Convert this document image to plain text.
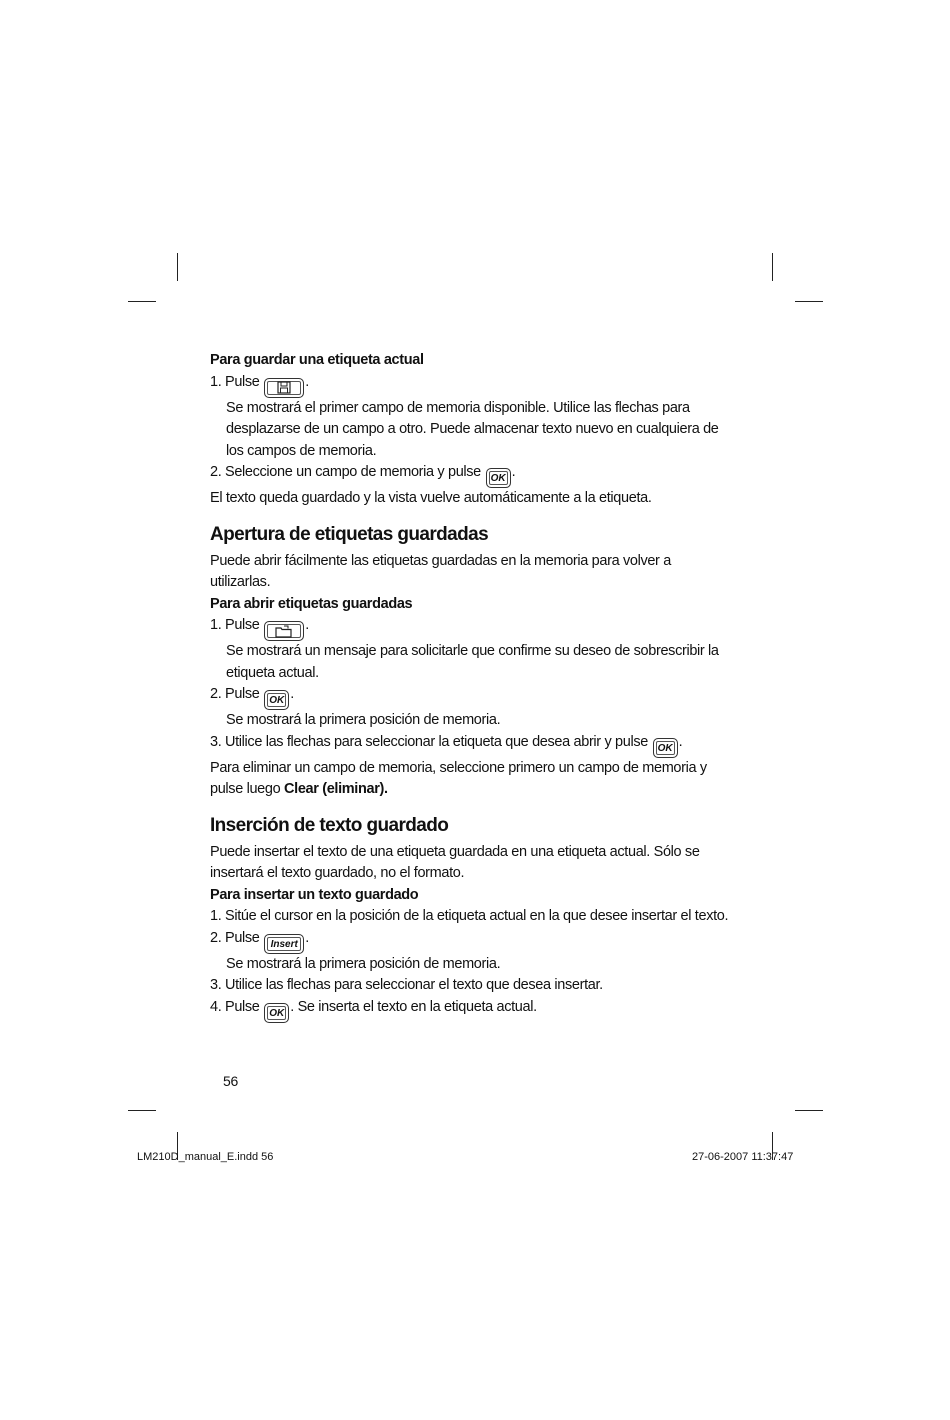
Para guardar una etiqueta actual

1. Pulse	.
Se mostrará el primer campo de memoria disponible. Utilice las flechas para desplazarse de un campo a otro. Puede almacenar texto nuevo en cualquiera de los campos de memoria.
2. Seleccione un campo de memoria y pulse OK .

El texto queda guardado y la vista vuelve automáticamente a la etiqueta.

Apertura de etiquetas guardadas

Puede abrir fácilmente las etiquetas guardadas en la memoria para volver a utilizarlas.

Para abrir etiquetas guardadas

1. Pulse	.
Se mostrará un mensaje para solicitarle que confirme su deseo de sobrescribir la etiqueta actual.
2. Pulse OK .
Se mostrará la primera posición de memoria.
3. Utilice las flechas para seleccionar la etiqueta que desea abrir y pulse OK .

Para eliminar un campo de memoria, seleccione primero un campo de memoria y pulse luego Clear (eliminar).

Inserción de texto guardado

Puede insertar el texto de una etiqueta guardada en una etiqueta actual. Sólo se insertará el texto guardado, no el formato.

Para insertar un texto guardado

1. Sitúe el cursor en la posición de la etiqueta actual en la que desee insertar el texto.
2. Pulse Insert .
Se mostrará la primera posición de memoria.
3. Utilice las flechas para seleccionar el texto que desea insertar.
4. Pulse OK . Se inserta el texto en la etiqueta actual.
56
LM210D_manual_E.indd 56	27-06-2007 11:37:47
